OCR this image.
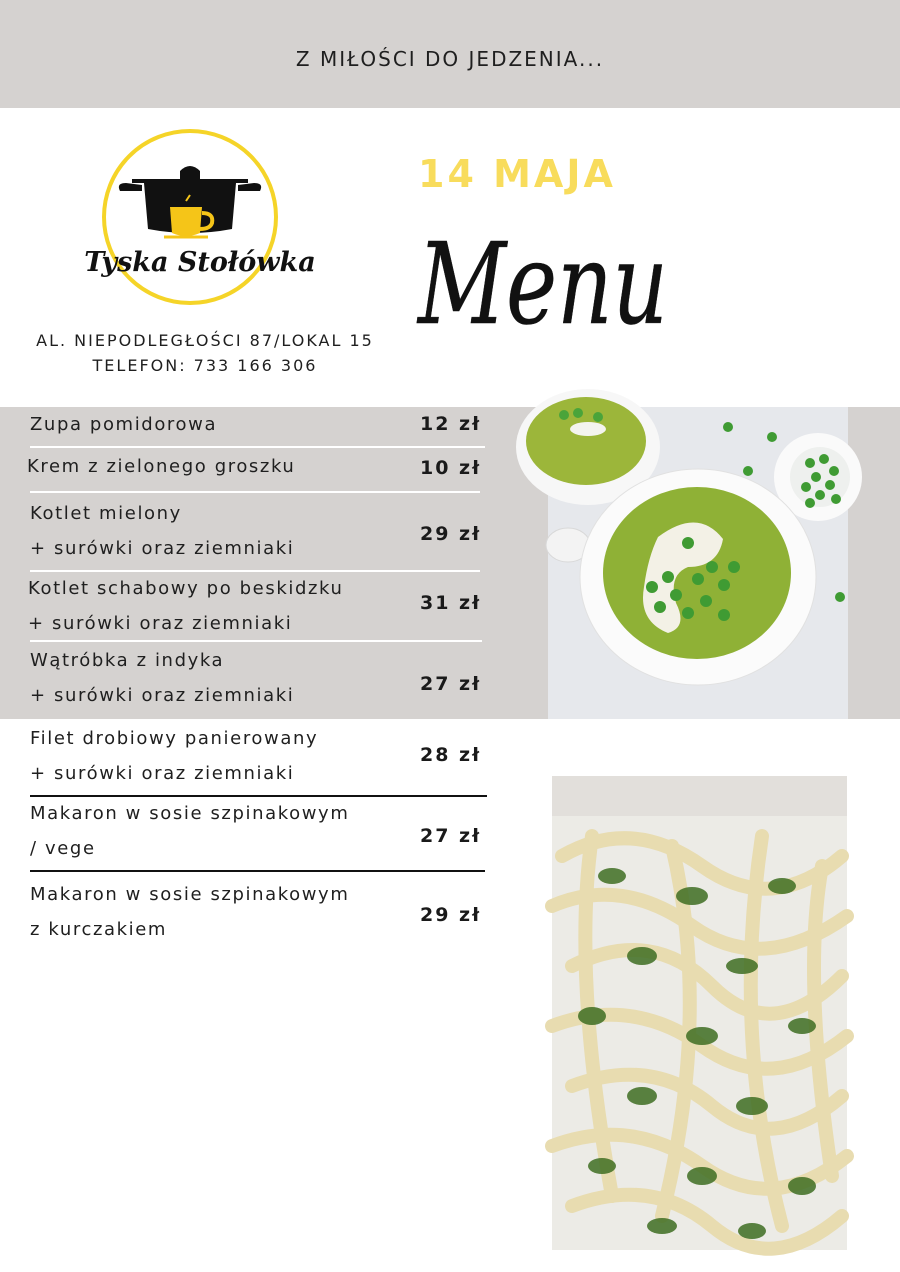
Z MIŁOŚCI DO JEDZENIA...
Tyska Stołówka
AL. NIEPODLEGŁOŚCI 87/LOKAL 15
TELEFON: 733 166 306
14 MAJA
Menu
Zupa pomidorowa	12 zł
Krem z zielonego groszku	10 zł
Kotlet mielony
+ surówki oraz ziemniaki
29 zł
Kotlet schabowy po beskidzku
+ surówki oraz ziemniaki
31 zł
Wątróbka z indyka
+ surówki oraz ziemniaki
27 zł
Filet drobiowy panierowany
+ surówki oraz ziemniaki
28 zł
Makaron w sosie szpinakowym
/ vege
27 zł
Makaron w sosie szpinakowym
z kurczakiem
29 zł
